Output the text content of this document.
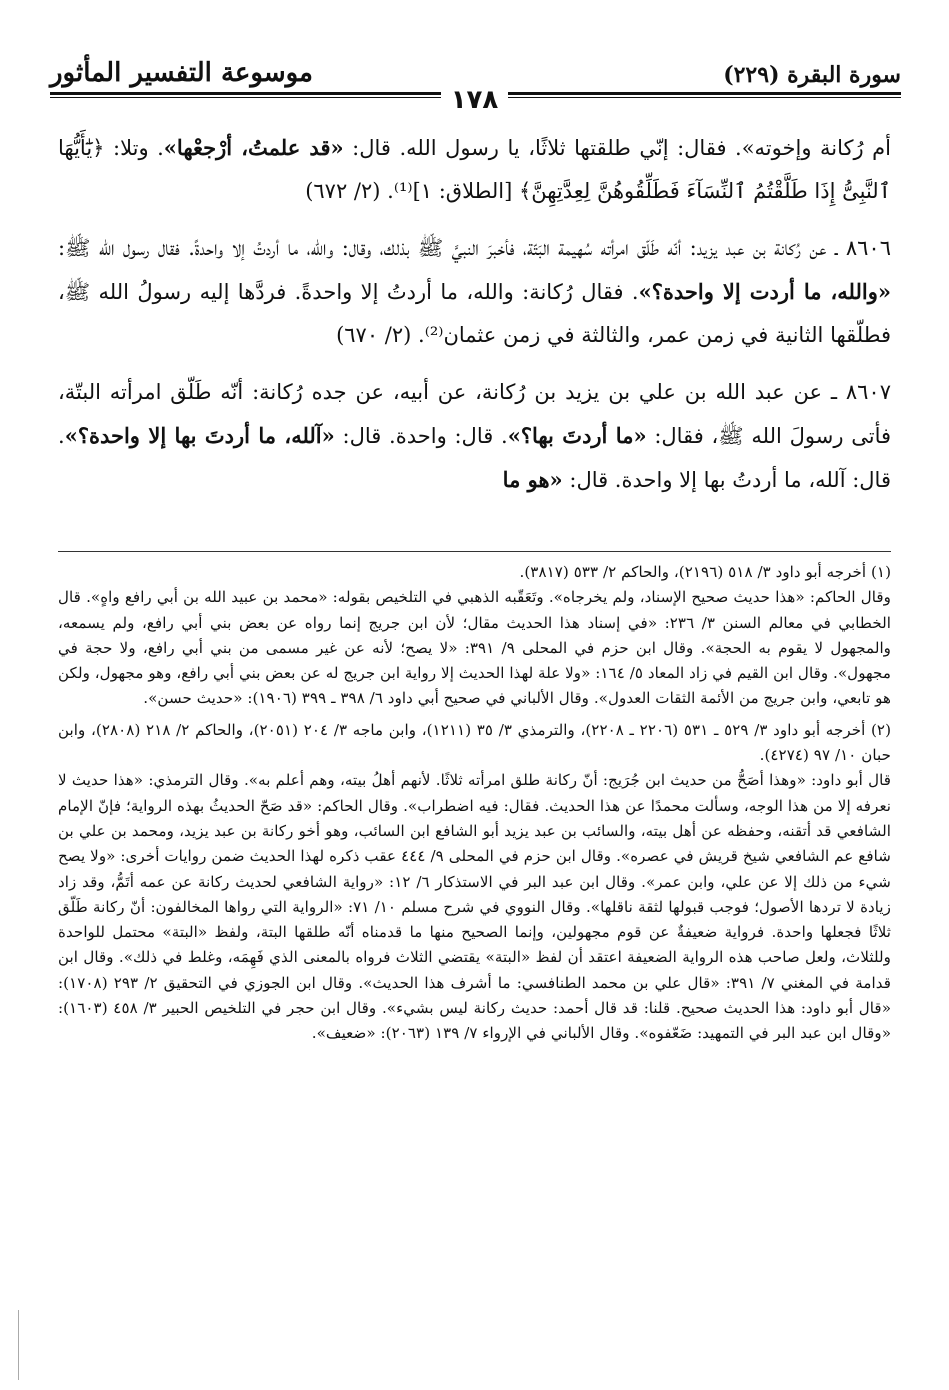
سورة البقرة (٢٢٩)
موسوعة التفسير المأثور
١٧٨

أم رُكانة وإخوته». فقال: إنّي طلقتها ثلاثًا، يا رسول الله. قال: «قد علمتُ، أرْجعْها». وتلا: ﴿يَٰٓأَيُّهَا ٱلنَّبِىُّ إِذَا طَلَّقْتُمُ ٱلنِّسَآءَ فَطَلِّقُوهُنَّ لِعِدَّتِهِنَّ﴾ [الطلاق: ١]⁽¹⁾. (٢/ ٦٧٢)

٨٦٠٦ ـ عن رُكانة بن عبد يزيد: أنّه طَلّق امرأته سُهيمة البَتّة، فأخبرَ النبيَّ ﷺ بذلك، وقال: والله، ما أردتُ إلا واحدةً. فقال رسول الله ﷺ: «والله، ما أردت إلا واحدة؟». فقال رُكانة: والله، ما أردتُ إلا واحدةً. فردَّها إليه رسولُ الله ﷺ، فطلّقها الثانية في زمن عمر، والثالثة في زمن عثمان⁽²⁾. (٢/ ٦٧٠)

٨٦٠٧ ـ عن عبد الله بن علي بن يزيد بن رُكانة، عن أبيه، عن جده رُكانة: أنّه طَلّق امرأته البتّة، فأتى رسولَ الله ﷺ، فقال: «ما أردتَ بها؟». قال: واحدة. قال: «آلله، ما أردتَ بها إلا واحدة؟». قال: آلله، ما أردتُ بها إلا واحدة. قال: «هو ما

(١) أخرجه أبو داود ٣/ ٥١٨ (٢١٩٦)، والحاكم ٢/ ٥٣٣ (٣٨١٧).

وقال الحاكم: «هذا حديث صحيح الإسناد، ولم يخرجاه». وتَعَقّبه الذهبي في التلخيص بقوله: «محمد بن عبيد الله بن أبي رافع واهٍ». قال الخطابي في معالم السنن ٣/ ٢٣٦: «في إسناد هذا الحديث مقال؛ لأن ابن جريج إنما رواه عن بعض بني أبي رافع، ولم يسمعه، والمجهول لا يقوم به الحجة». وقال ابن حزم في المحلى ٩/ ٣٩١: «لا يصح؛ لأنه عن غير مسمى من بني أبي رافع، ولا حجة في مجهول». وقال ابن القيم في زاد المعاد ٥/ ١٦٤: «ولا علة لهذا الحديث إلا رواية ابن جريج له عن بعض بني أبي رافع، وهو مجهول، ولكن هو تابعي، وابن جريج من الأئمة الثقات العدول». وقال الألباني في صحيح أبي داود ٦/ ٣٩٨ ـ ٣٩٩ (١٩٠٦): «حديث حسن».

(٢) أخرجه أبو داود ٣/ ٥٢٩ ـ ٥٣١ (٢٢٠٦ ـ ٢٢٠٨)، والترمذي ٣/ ٣٥ (١٢١١)، وابن ماجه ٣/ ٢٠٤ (٢٠٥١)، والحاكم ٢/ ٢١٨ (٢٨٠٨)، وابن حبان ١٠/ ٩٧ (٤٢٧٤).

قال أبو داود: «وهذا أصَحُّ من حديث ابن جُرَيج: أنّ ركانة طلق امرأته ثلاثًا. لأنهم أهلُ بيته، وهم أعلم به». وقال الترمذي: «هذا حديث لا نعرفه إلا من هذا الوجه، وسألت محمدًا عن هذا الحديث. فقال: فيه اضطراب». وقال الحاكم: «قد صَحّ الحديثُ بهذه الرواية؛ فإنّ الإمام الشافعي قد أتقنه، وحفظه عن أهل بيته، والسائب بن عبد يزيد أبو الشافع ابن السائب، وهو أخو ركانة بن عبد يزيد، ومحمد بن علي بن شافع عم الشافعي شيخ قريش في عصره». وقال ابن حزم في المحلى ٩/ ٤٤٤ عقب ذكره لهذا الحديث ضمن روايات أخرى: «ولا يصح شيء من ذلك إلا عن علي، وابن عمر». وقال ابن عبد البر في الاستذكار ٦/ ١٢: «رواية الشافعي لحديث ركانة عن عمه أتَمُّ، وقد زاد زيادة لا تردها الأصول؛ فوجب قبولها لثقة ناقلها». وقال النووي في شرح مسلم ١٠/ ٧١: «الرواية التي رواها المخالفون: أنّ ركانة طَلّق ثلاثًا فجعلها واحدة. فرواية ضعيفةٌ عن قوم مجهولين، وإنما الصحيح منها ما قدمناه أنّه طلقها البتة، ولفظ «البتة» محتمل للواحدة وللثلاث، ولعل صاحب هذه الرواية الضعيفة اعتقد أن لفظ «البتة» يقتضي الثلاث فرواه بالمعنى الذي فَهِمَه، وغلط في ذلك». وقال ابن قدامة في المغني ٧/ ٣٩١: «قال علي بن محمد الطنافسي: ما أشرف هذا الحديث». وقال ابن الجوزي في التحقيق ٢/ ٢٩٣ (١٧٠٨): «قال أبو داود: هذا الحديث صحيح. قلنا: قد قال أحمد: حديث ركانة ليس بشيء». وقال ابن حجر في التلخيص الحبير ٣/ ٤٥٨ (١٦٠٣): «وقال ابن عبد البر في التمهيد: ضَعّفوه». وقال الألباني في الإرواء ٧/ ١٣٩ (٢٠٦٣): «ضعيف».
